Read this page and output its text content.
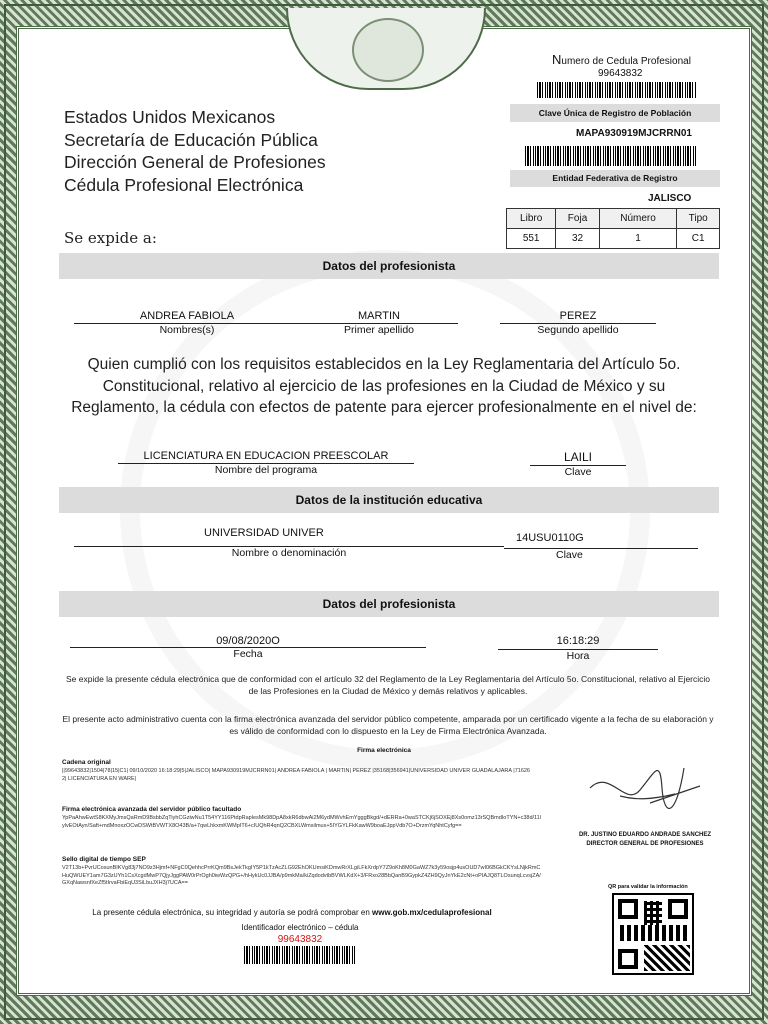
Estados Unidos Mexicanos
Secretaría de Educación Pública
Dirección General de Profesiones
Cédula Profesional Electrónica
Se expide a:
Numero de Cedula Profesional
99643832
Clave Única de Registro de Población
MAPA930919MJCRRN01
Entidad Federativa de Registro
JALISCO
Libro	Foja	Número	Tipo
551	32	1	C1
Datos del profesionista
ANDREA FABIOLA
Nombres(s)
MARTIN
Primer apellido
PEREZ
Segundo apellido
Quien cumplió con los requisitos establecidos en la Ley Reglamentaria del Artículo 5o. Constitucional, relativo al ejercicio de las profesiones en la Ciudad de México y su Reglamento, la cédula con efectos de patente para ejercer profesionalmente en el nivel de:
LICENCIATURA EN EDUCACION PREESCOLAR
Nombre del programa
LAILI
Clave
Datos de la institución educativa
UNIVERSIDAD UNIVER
Nombre o denominación
14USU0110G
Clave
Datos del profesionista
09/08/2020O
Fecha
16:18:29
Hora
Se expide la presente cédula electrónica que de conformidad con el artículo 32 del Reglamento de la Ley Reglamentaria del Artículo 5o. Constitucional, relativo al Ejercicio de las Profesiones en la Ciudad de México y demás relativos y aplicables.
El presente acto administrativo cuenta con la firma electrónica avanzada del servidor público competente, amparada por un certificado vigente a la fecha de su elaboración y es válido de conformidad con lo dispuesto en la Ley de Firma Electrónica Avanzada.
Firma electrónica
Cadena original
||99643832|1504|78|15|C1| 09/10/2020 16:18:29|5|JALISCO| MAPA930919MJCRRN01| ANDREA FABIOLA | MARTIN| PEREZ |35168|356941|UNIVERSIDAD UNIVER GUADALAJARA |716262| LICENCIATURA EN WARE|
Firma electrónica avanzada del servidor público facultado
YpPaAhwEwtS8KXMyJmsQaRmD9BsbbZqTiyhCGziwNu1T54YY116PtdpRaplesMk98DpA8xkR6dbwAi2M6ydMWvhEmYgggBkgd/+dERRa+0waSTCKj6jSOXEj8Xs0omz13rSQBmdIoTYN+c38d/11lylvEOtAyn/Saft+mdMnoxzOCwDSWtBVWTX8O43B/a+7qwLhkxmKWMpIT6+cIUQhR4qnQ2CBXLWmsilmus+5IYGYLFkKawW9boaEJppVdb7O+DrzmYqNhtCyfg==
Sello digital de tiempo SEP
V2T13b+PvrUCosunBIKVg83j7NO9z3Hjmf+NFgC0QehhcPrrKQm9BsJekTkgIY5P1kTzAcZLG92EhOKUmsiKDmwRrXLgiLFkXrdpY7Z9oKh8M0GaWZ7k3y59osjp4usOUD7wI06BGkCKYsLNjkRmCHuQWUEY1am7G3zUYh1CsXcgdMwP7QjyJggPAW0rPrOgh0iwWzQPG+/hHykUc0JJBA/p9mkMa/kiZqdodvtbBVWLKdX+3/FRxo28BbQanB9GypkZ4ZH9QyJnYkE2cNt+oPIAJQ8TLOsunqLcvsjZA/GXqNawsnfXeZf5tIrvaFbiEqU3SiLbuJXH3j7UCA==
DR. JUSTINO EDUARDO ANDRADE SANCHEZ
DIRECTOR GENERAL DE PROFESIONES
QR para validar la información
La presente cédula electrónica, su integridad y autoría se podrá comprobar en www.gob.mx/cedulaprofesional
Identificador electrónico – cédula
99643832
